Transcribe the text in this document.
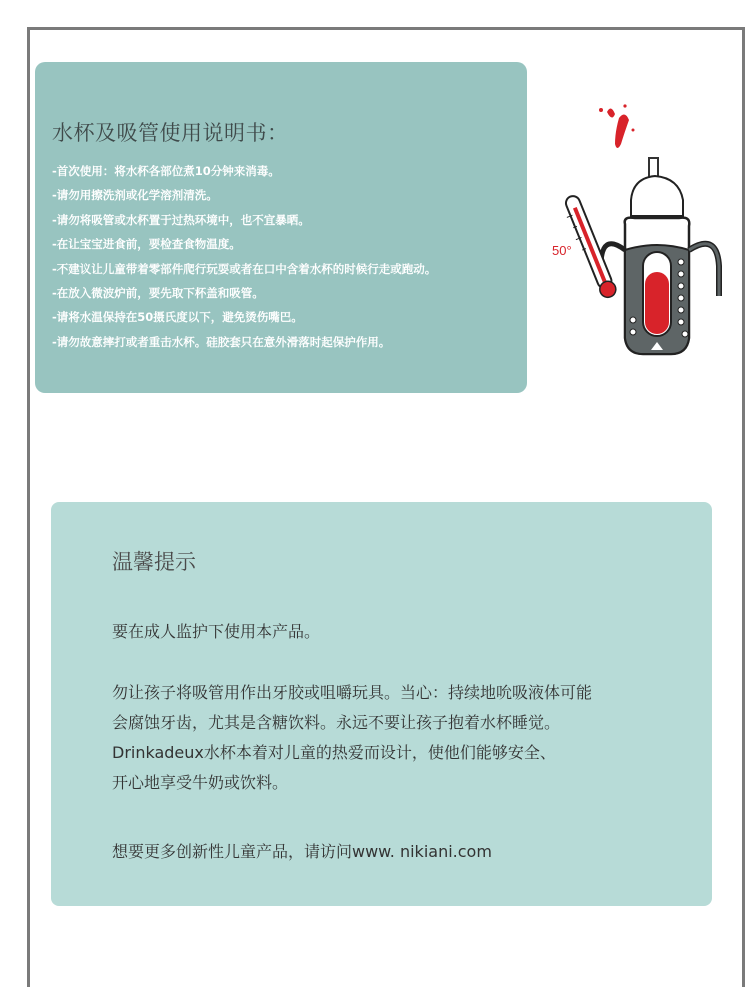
水杯及吸管使用说明书：
-首次使用：将水杯各部位煮10分钟来消毒。
-请勿用擦洗剂或化学溶剂清洗。
-请勿将吸管或水杯置于过热环境中，也不宜暴晒。
-在让宝宝进食前，要检查食物温度。
-不建议让儿童带着零部件爬行玩耍或者在口中含着水杯的时候行走或跑动。
-在放入微波炉前，要先取下杯盖和吸管。
-请将水温保持在50摄氏度以下，避免烫伤嘴巴。
-请勿故意摔打或者重击水杯。硅胶套只在意外滑落时起保护作用。
50°
温馨提示

要在成人监护下使用本产品。

勿让孩子将吸管用作出牙胶或咀嚼玩具。当心：持续地吮吸液体可能

会腐蚀牙齿，尤其是含糖饮料。永远不要让孩子抱着水杯睡觉。

Drinkadeux水杯本着对儿童的热爱而设计，使他们能够安全、

开心地享受牛奶或饮料。

想要更多创新性儿童产品，请访问www. nikiani.com
